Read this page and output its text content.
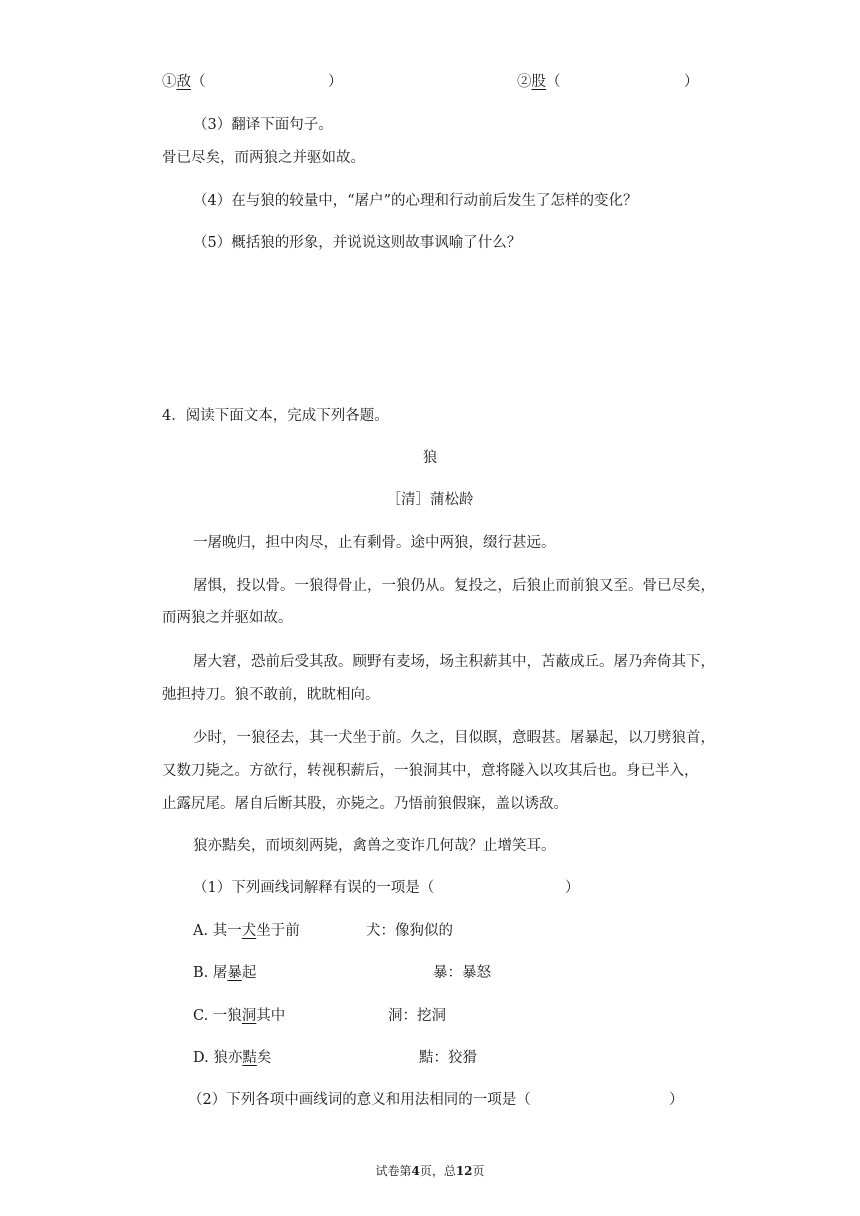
①敌（	）	②股（	）
（3）翻译下面句子。
骨已尽矣，而两狼之并驱如故。
（4）在与狼的较量中，“屠户”的心理和行动前后发生了怎样的变化？
（5）概括狼的形象，并说说这则故事讽喻了什么？
4．阅读下面文本，完成下列各题。
狼
［清］蒲松龄
一屠晚归，担中肉尽，止有剩骨。途中两狼，缀行甚远。
屠惧，投以骨。一狼得骨止，一狼仍从。复投之，后狼止而前狼又至。骨已尽矣，
而两狼之并驱如故。
屠大窘，恐前后受其敌。顾野有麦场，场主积薪其中，苫蔽成丘。屠乃奔倚其下，
弛担持刀。狼不敢前，眈眈相向。
少时，一狼径去，其一犬坐于前。久之，目似瞑，意暇甚。屠暴起，以刀劈狼首，
又数刀毙之。方欲行，转视积薪后，一狼洞其中，意将隧入以攻其后也。身已半入，
止露尻尾。屠自后断其股，亦毙之。乃悟前狼假寐，盖以诱敌。
狼亦黠矣，而顷刻两毙，禽兽之变诈几何哉？止增笑耳。
（1）下列画线词解释有误的一项是（	）
A. 其一犬坐于前	犬：像狗似的
B. 屠暴起	暴：暴怒
C. 一狼洞其中	洞：挖洞
D. 狼亦黠矣	黠：狡猾
（2）下列各项中画线词的意义和用法相同的一项是（	）
试卷第4页，总12页
